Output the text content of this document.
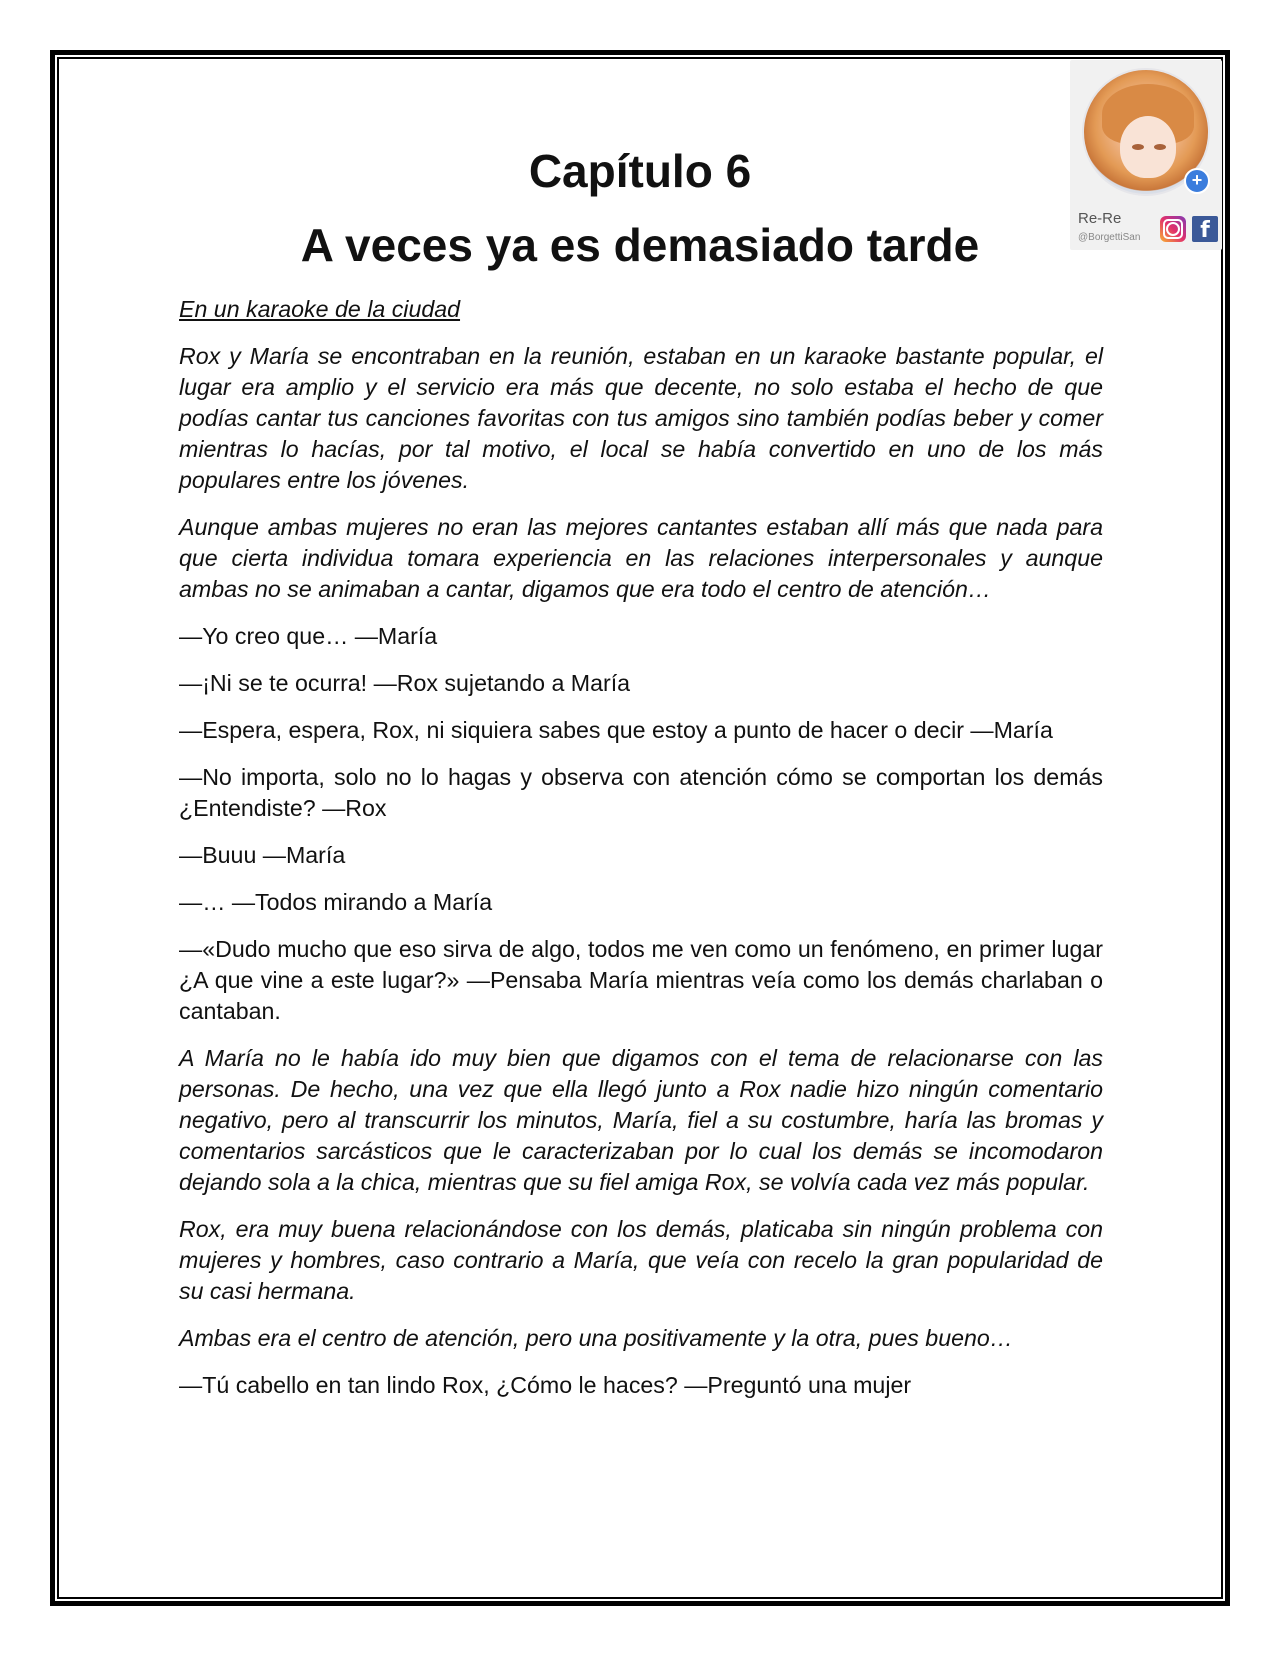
Capítulo 6
A veces ya es demasiado tarde

En un karaoke de la ciudad

Rox y María se encontraban en la reunión, estaban en un karaoke bastante popular, el lugar era amplio y el servicio era más que decente, no solo estaba el hecho de que podías cantar tus canciones favoritas con tus amigos sino también podías beber y comer mientras lo hacías, por tal motivo, el local se había convertido en uno de los más populares entre los jóvenes.

Aunque ambas mujeres no eran las mejores cantantes estaban allí más que nada para que cierta individua tomara experiencia en las relaciones interpersonales y aunque ambas no se animaban a cantar, digamos que era todo el centro de atención…

—Yo creo que… —María

—¡Ni se te ocurra! —Rox sujetando a María

—Espera, espera, Rox, ni siquiera sabes que estoy a punto de hacer o decir —María

—No importa, solo no lo hagas y observa con atención cómo se comportan los demás ¿Entendiste? —Rox

—Buuu —María

—… —Todos mirando a María

—«Dudo mucho que eso sirva de algo, todos me ven como un fenómeno, en primer lugar ¿A que vine a este lugar?» —Pensaba María mientras veía como los demás charlaban o cantaban.

A María no le había ido muy bien que digamos con el tema de relacionarse con las personas. De hecho, una vez que ella llegó junto a Rox nadie hizo ningún comentario negativo, pero al transcurrir los minutos, María, fiel a su costumbre, haría las bromas y comentarios sarcásticos que le caracterizaban por lo cual los demás se incomodaron dejando sola a la chica, mientras que su fiel amiga Rox, se volvía cada vez más popular.

Rox, era muy buena relacionándose con los demás, platicaba sin ningún problema con mujeres y hombres, caso contrario a María, que veía con recelo la gran popularidad de su casi hermana.

Ambas era el centro de atención, pero una positivamente y la otra, pues bueno…

—Tú cabello en tan lindo Rox, ¿Cómo le haces? —Preguntó una mujer

+
Re-Re
@BorgettiSan	f
